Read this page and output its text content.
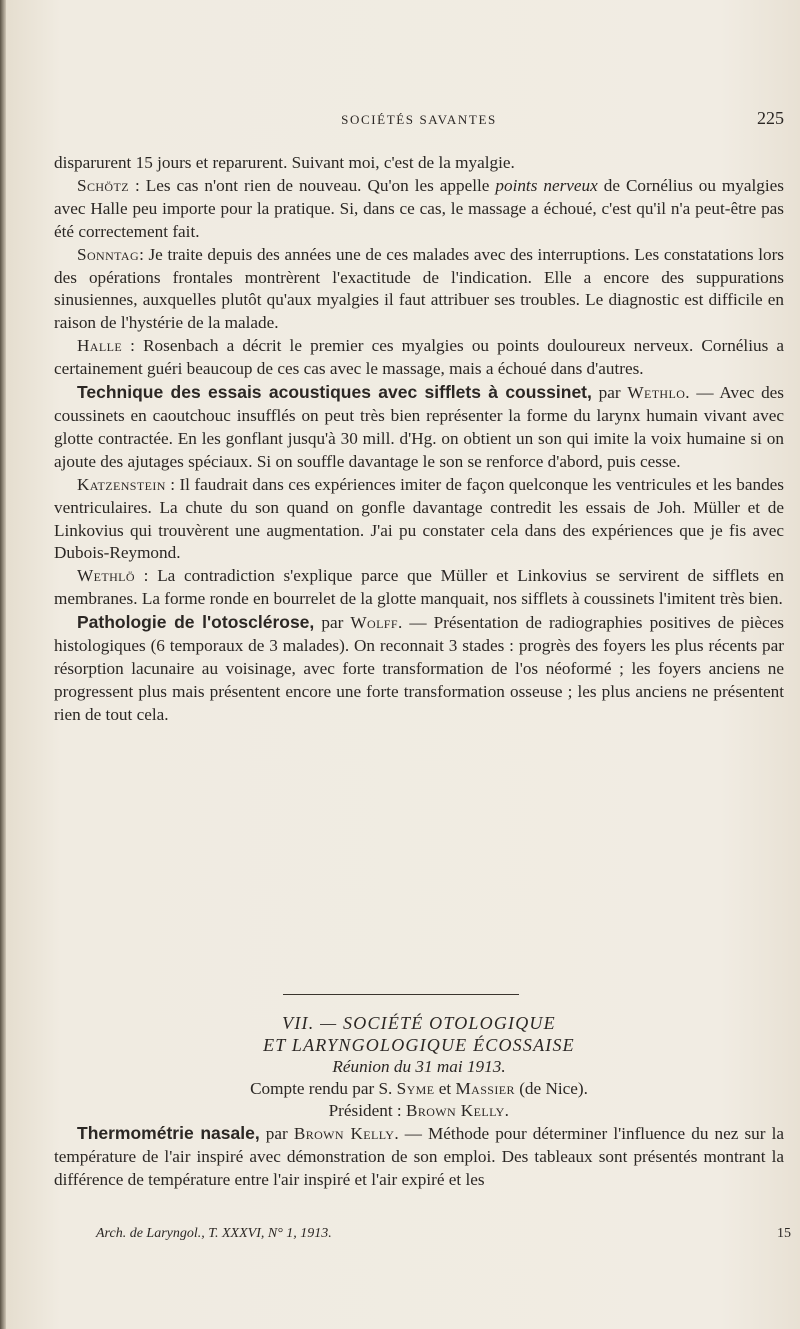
SOCIÉTÉS SAVANTES	225

disparurent 15 jours et reparurent. Suivant moi, c'est de la myalgie.

Schötz : Les cas n'ont rien de nouveau. Qu'on les appelle points nerveux de Cornélius ou myalgies avec Halle peu importe pour la pratique. Si, dans ce cas, le massage a échoué, c'est qu'il n'a peut-être pas été correctement fait.

Sonntag: Je traite depuis des années une de ces malades avec des interruptions. Les constatations lors des opérations frontales montrèrent l'exactitude de l'indication. Elle a encore des suppurations sinusiennes, auxquelles plutôt qu'aux myalgies il faut attribuer ses troubles. Le diagnostic est difficile en raison de l'hystérie de la malade.

Halle : Rosenbach a décrit le premier ces myalgies ou points douloureux nerveux. Cornélius a certainement guéri beaucoup de ces cas avec le massage, mais a échoué dans d'autres.

Technique des essais acoustiques avec sifflets à coussinet, par Wethlo. — Avec des coussinets en caoutchouc insufflés on peut très bien représenter la forme du larynx humain vivant avec glotte contractée. En les gonflant jusqu'à 30 mill. d'Hg. on obtient un son qui imite la voix humaine si on ajoute des ajutages spéciaux. Si on souffle davantage le son se renforce d'abord, puis cesse.

Katzenstein : Il faudrait dans ces expériences imiter de façon quelconque les ventricules et les bandes ventriculaires. La chute du son quand on gonfle davantage contredit les essais de Joh. Müller et de Linkovius qui trouvèrent une augmentation. J'ai pu constater cela dans des expériences que je fis avec Dubois-Reymond.

Wethlö : La contradiction s'explique parce que Müller et Linkovius se servirent de sifflets en membranes. La forme ronde en bourrelet de la glotte manquait, nos sifflets à coussinets l'imitent très bien.

Pathologie de l'otosclérose, par Wolff. — Présentation de radiographies positives de pièces histologiques (6 temporaux de 3 malades). On reconnait 3 stades : progrès des foyers les plus récents par résorption lacunaire au voisinage, avec forte transformation de l'os néoformé ; les foyers anciens ne progressent plus mais présentent encore une forte transformation osseuse ; les plus anciens ne présentent rien de tout cela.

VII. — SOCIÉTÉ OTOLOGIQUE
ET LARYNGOLOGIQUE ÉCOSSAISE
Réunion du 31 mai 1913.
Compte rendu par S. Syme et Massier (de Nice).
Président : Brown Kelly.

Thermométrie nasale, par Brown Kelly. — Méthode pour déterminer l'influence du nez sur la température de l'air inspiré avec démonstration de son emploi. Des tableaux sont présentés montrant la différence de température entre l'air inspiré et l'air expiré et les

Arch. de Laryngol., T. XXXVI, N° 1, 1913.	15
